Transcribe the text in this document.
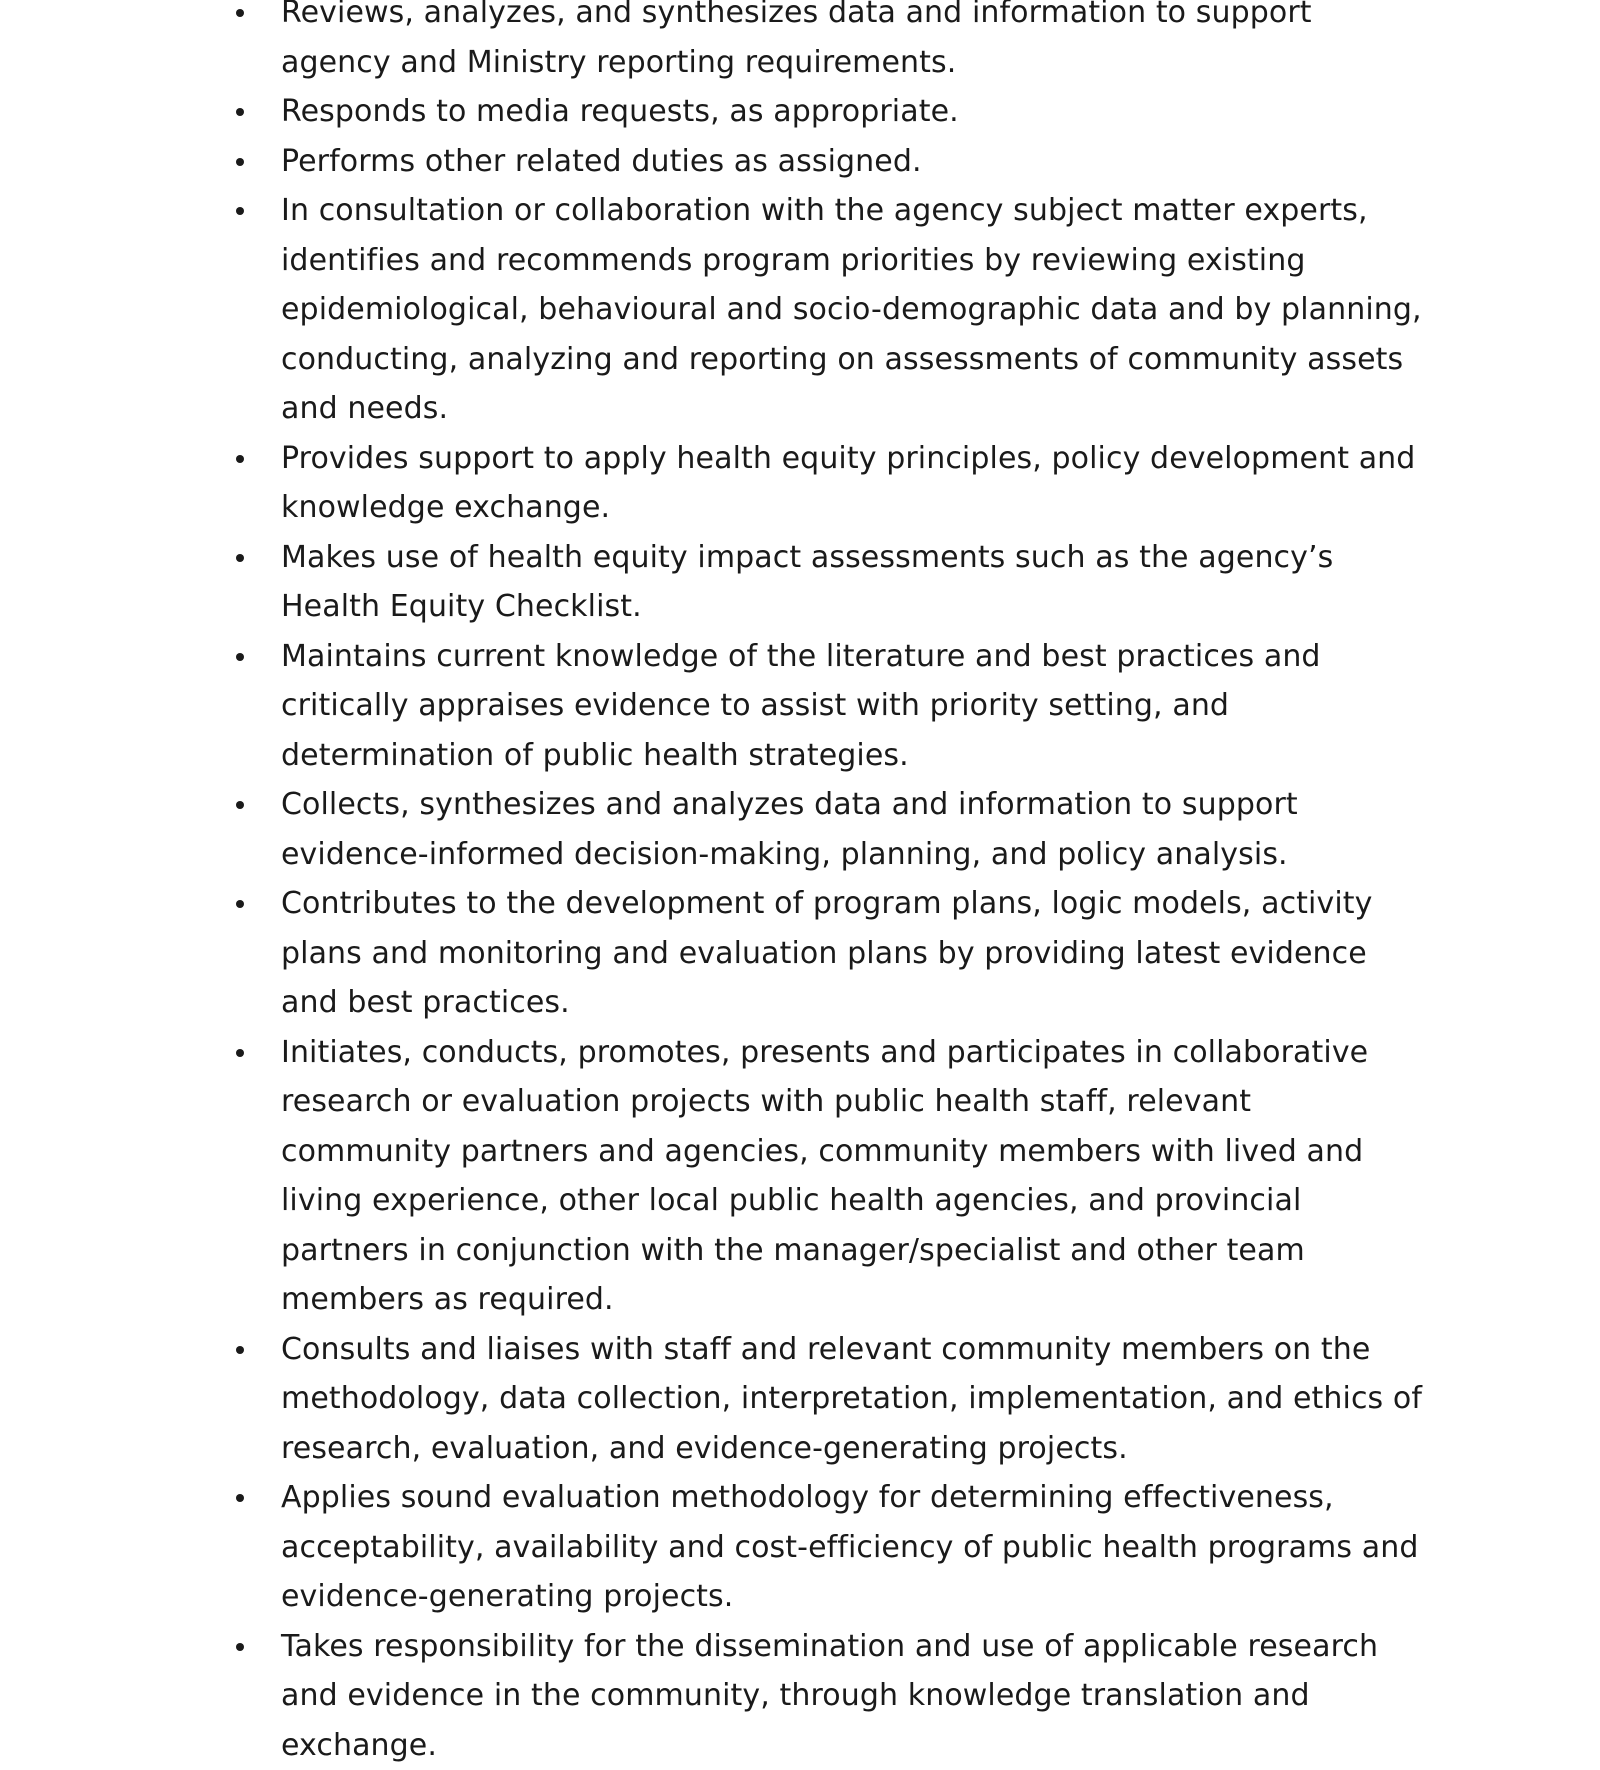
Reviews, analyzes, and synthesizes data and information to support agency and Ministry reporting requirements.
Responds to media requests, as appropriate.
Performs other related duties as assigned.
In consultation or collaboration with the agency subject matter experts, identifies and recommends program priorities by reviewing existing epidemiological, behavioural and socio-demographic data and by planning, conducting, analyzing and reporting on assessments of community assets and needs.
Provides support to apply health equity principles, policy development and knowledge exchange.
Makes use of health equity impact assessments such as the agency’s Health Equity Checklist.
Maintains current knowledge of the literature and best practices and critically appraises evidence to assist with priority setting, and determination of public health strategies.
Collects, synthesizes and analyzes data and information to support evidence-informed decision-making, planning, and policy analysis.
Contributes to the development of program plans, logic models, activity plans and monitoring and evaluation plans by providing latest evidence and best practices.
Initiates, conducts, promotes, presents and participates in collaborative research or evaluation projects with public health staff, relevant community partners and agencies, community members with lived and living experience, other local public health agencies, and provincial partners in conjunction with the manager/specialist and other team members as required.
Consults and liaises with staff and relevant community members on the methodology, data collection, interpretation, implementation, and ethics of research, evaluation, and evidence-generating projects.
Applies sound evaluation methodology for determining effectiveness, acceptability, availability and cost-efficiency of public health programs and evidence-generating projects.
Takes responsibility for the dissemination and use of applicable research and evidence in the community, through knowledge translation and exchange.
